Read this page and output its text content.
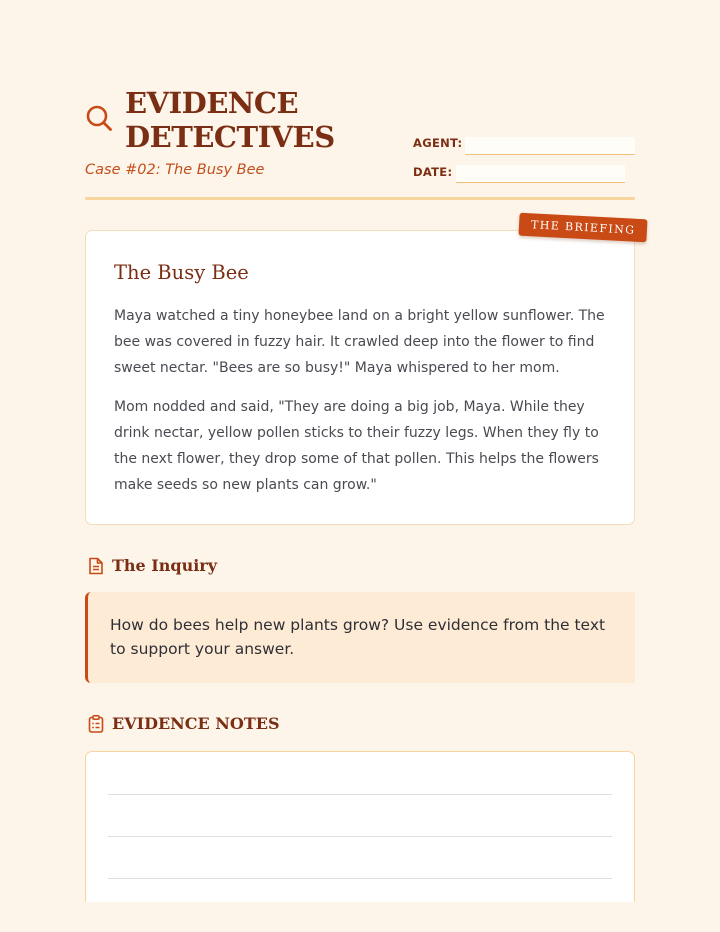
EVIDENCE
DETECTIVES
Case #02: The Busy Bee
AGENT:
DATE:
The Busy Bee

Maya watched a tiny honeybee land on a bright yellow sunflower. The bee was covered in fuzzy hair. It crawled deep into the flower to find sweet nectar. "Bees are so busy!" Maya whispered to her mom.

Mom nodded and said, "They are doing a big job, Maya. While they drink nectar, yellow pollen sticks to their fuzzy legs. When they fly to the next flower, they drop some of that pollen. This helps the flowers make seeds so new plants can grow."

THE BRIEFING
The Inquiry
How do bees help new plants grow? Use evidence from the text to support your answer.
EVIDENCE NOTES
